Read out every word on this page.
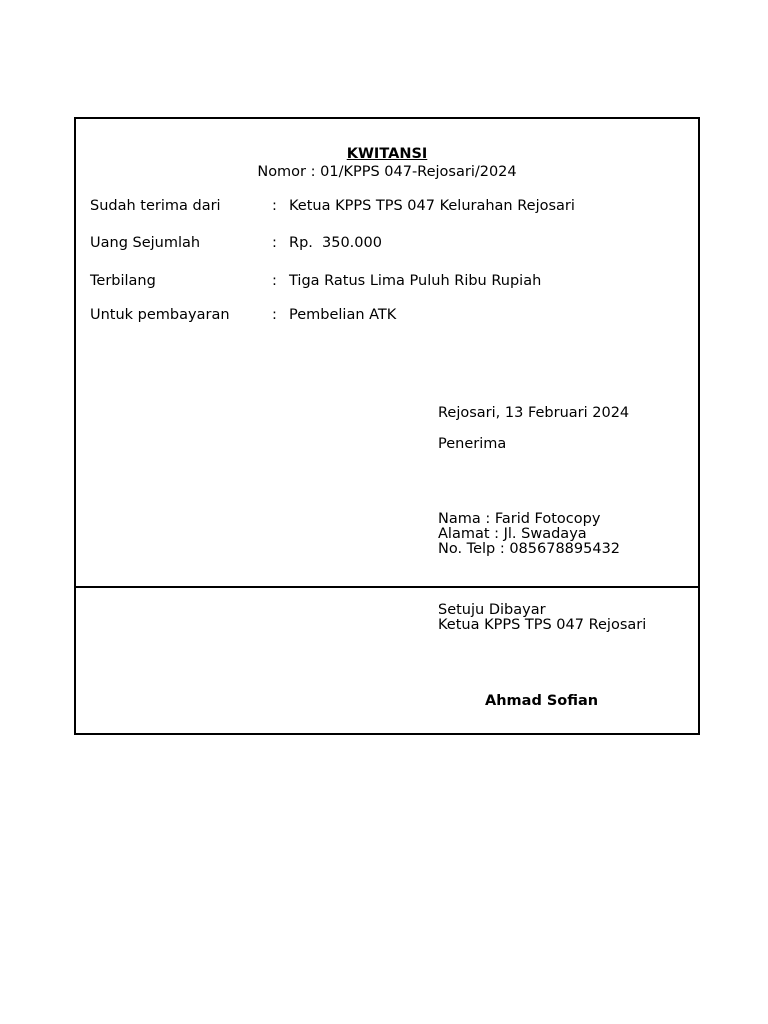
KWITANSI
Nomor : 01/KPPS 047-Rejosari/2024
Sudah terima dari	: Ketua KPPS TPS 047 Kelurahan Rejosari
Uang Sejumlah	: Rp. 350.000
Terbilang	: Tiga Ratus Lima Puluh Ribu Rupiah
Untuk pembayaran	: Pembelian ATK
Rejosari, 13 Februari 2024
Penerima
Nama : Farid Fotocopy
Alamat : Jl. Swadaya
No. Telp : 085678895432
Setuju Dibayar
Ketua KPPS TPS 047 Rejosari
Ahmad Sofian
